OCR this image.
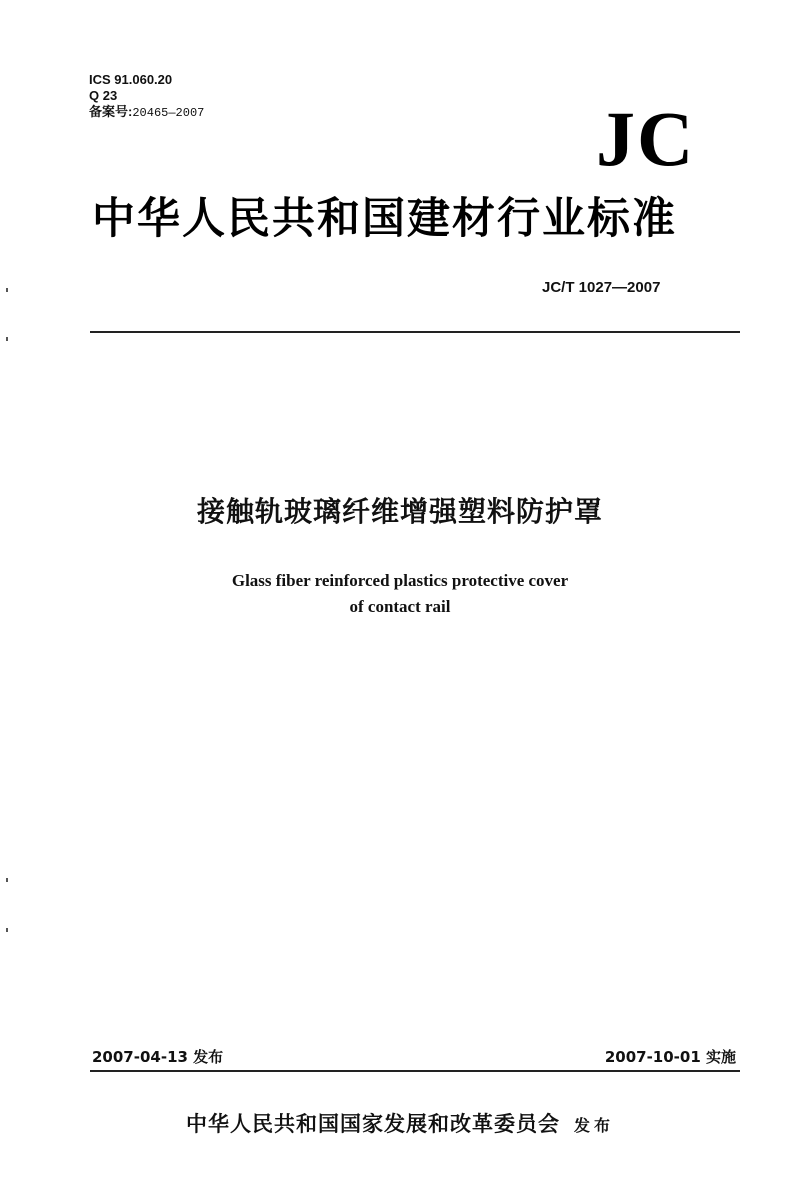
ICS 91.060.20
Q 23
备案号:20465—2007	JC
中华人民共和国建材行业标准
JC/T 1027—2007
接触轨玻璃纤维增强塑料防护罩
Glass fiber reinforced plastics protective cover
of contact rail
2007-04-13 发布	2007-10-01 实施
中华人民共和国国家发展和改革委员会 发布
